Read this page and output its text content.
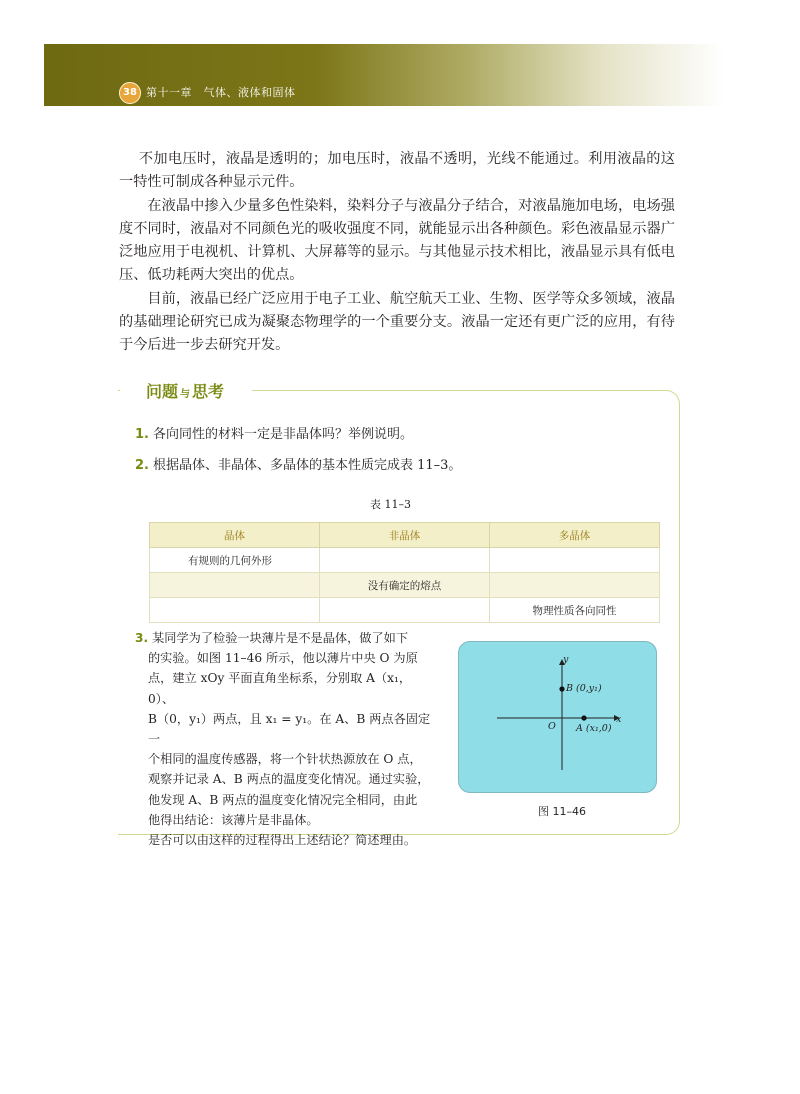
38 第十一章　气体、液体和固体

不加电压时，液晶是透明的；加电压时，液晶不透明，光线不能通过。利用液晶的这一特性可制成各种显示元件。

在液晶中掺入少量多色性染料，染料分子与液晶分子结合，对液晶施加电场，电场强度不同时，液晶对不同颜色光的吸收强度不同，就能显示出各种颜色。彩色液晶显示器广泛地应用于电视机、计算机、大屏幕等的显示。与其他显示技术相比，液晶显示具有低电压、低功耗两大突出的优点。

目前，液晶已经广泛应用于电子工业、航空航天工业、生物、医学等众多领域，液晶的基础理论研究已成为凝聚态物理学的一个重要分支。液晶一定还有更广泛的应用，有待于今后进一步去研究开发。

问题 与 思考
1. 各向同性的材料一定是非晶体吗？举例说明。
2. 根据晶体、非晶体、多晶体的基本性质完成表 11–3。
表 11–3
晶体	非晶体	多晶体
有规则的几何外形		
	没有确定的熔点	
		物理性质各向同性
3. 某同学为了检验一块薄片是不是晶体，做了如下
的实验。如图 11–46 所示，他以薄片中央 O 为原
点，建立 xOy 平面直角坐标系，分别取 A（x₁，0）、
B（0，y₁）两点，且 x₁ = y₁。在 A、B 两点各固定一
个相同的温度传感器，将一个针状热源放在 O 点，
观察并记录 A、B 两点的温度变化情况。通过实验，
他发现 A、B 两点的温度变化情况完全相同，由此
他得出结论：该薄片是非晶体。
是否可以由这样的过程得出上述结论？简述理由。
y
x
O
B (0,y₁)
A (x₁,0)
图 11–46
